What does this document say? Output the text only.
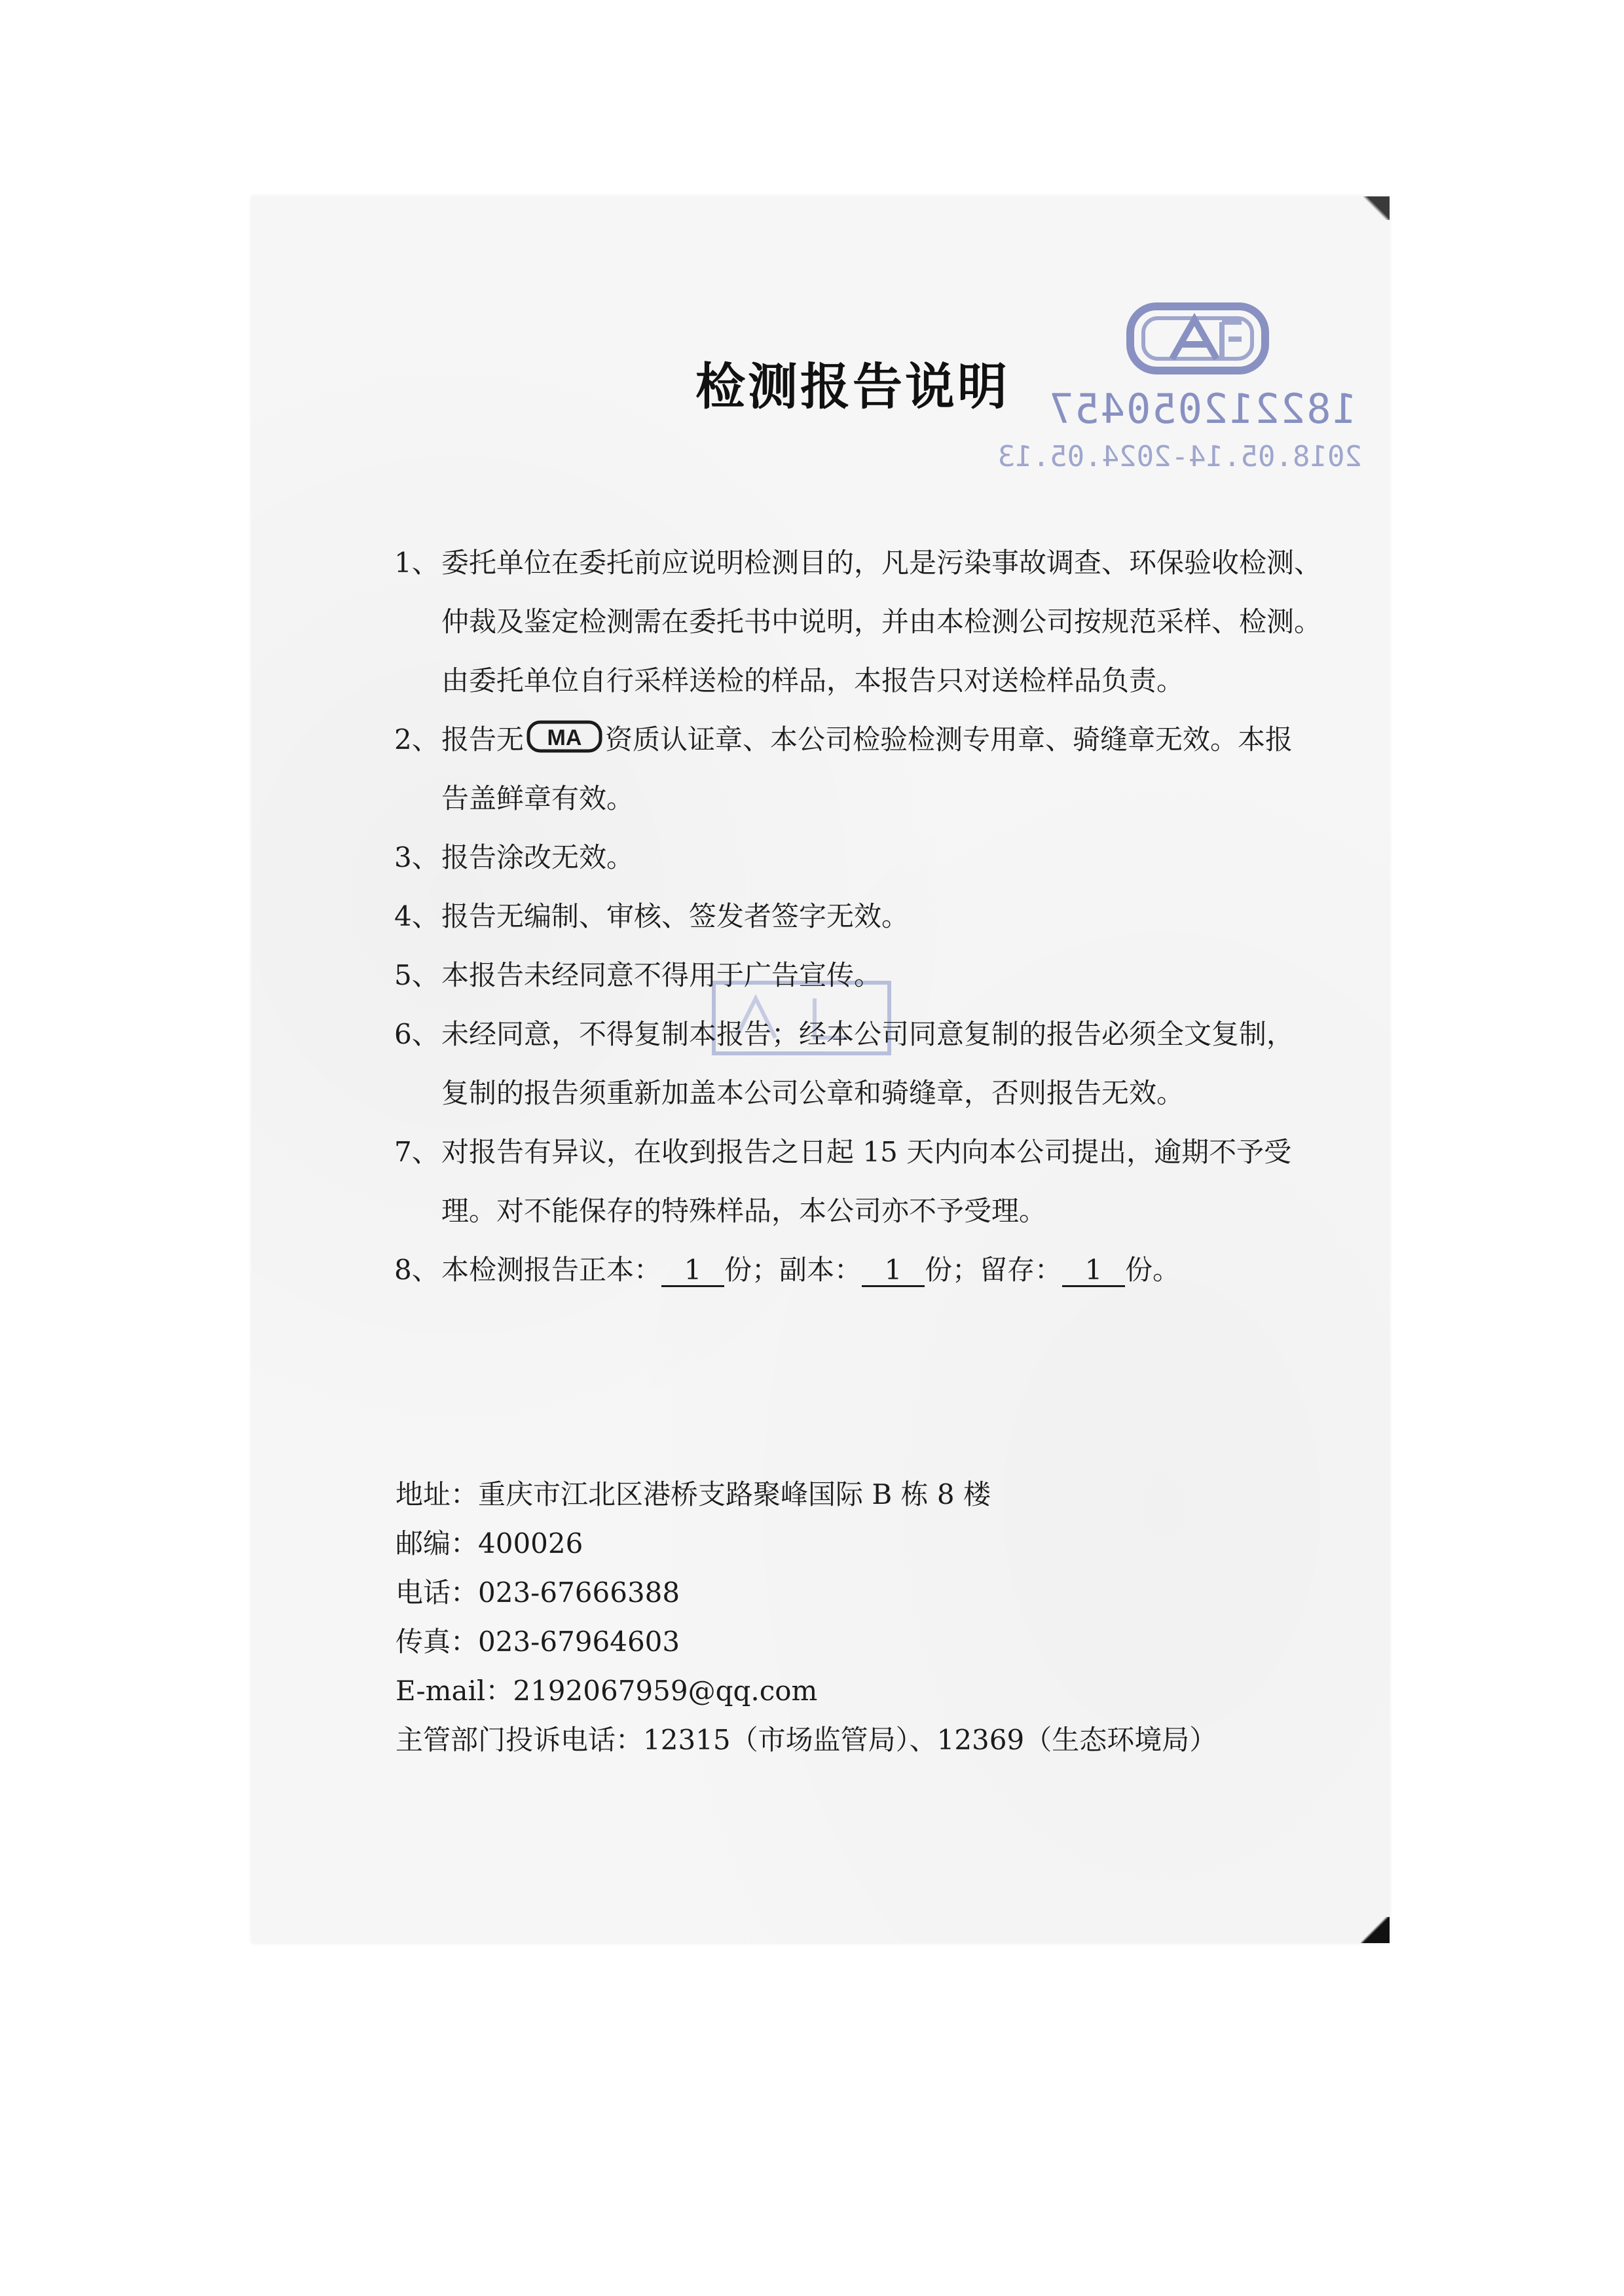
检测报告说明 182212050457
2018.05.14-2024.05.13
1、 委托单位在委托前应说明检测目的，凡是污染事故调查、环保验收检测、
仲裁及鉴定检测需在委托书中说明，并由本检测公司按规范采样、检测。
由委托单位自行采样送检的样品，本报告只对送检样品负责。
2、 报告无 MA 资质认证章、本公司检验检测专用章、骑缝章无效。本报
告盖鲜章有效。
3、 报告涂改无效。
4、 报告无编制、审核、签发者签字无效。
5、 本报告未经同意不得用于广告宣传。
6、 未经同意，不得复制本报告；经本公司同意复制的报告必须全文复制，
复制的报告须重新加盖本公司公章和骑缝章，否则报告无效。
7、 对报告有异议，在收到报告之日起 15 天内向本公司提出，逾期不予受
理。对不能保存的特殊样品，本公司亦不予受理。
8、 本检测报告正本： 1 份；副本： 1 份；留存： 1 份。
地址：重庆市江北区港桥支路聚峰国际 B 栋 8 楼
邮编：400026
电话：023-67666388
传真：023-67964603
E-mail：2192067959@qq.com
主管部门投诉电话：12315（市场监管局）、12369（生态环境局）
